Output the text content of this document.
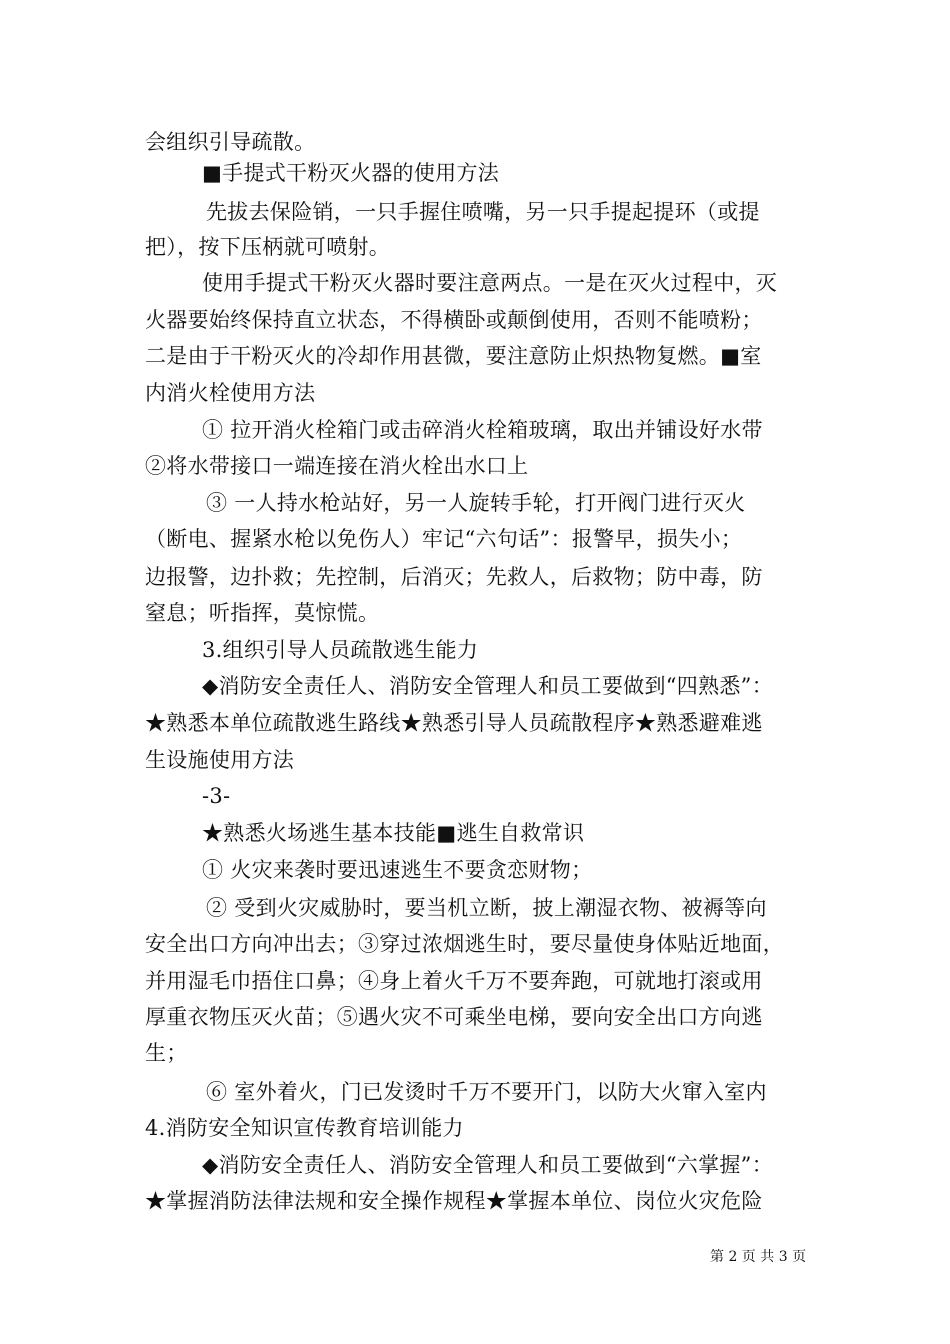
会组织引导疏散。
■手提式干粉灭火器的使用方法
先拔去保险销，一只手握住喷嘴，另一只手提起提环（或提
把），按下压柄就可喷射。
使用手提式干粉灭火器时要注意两点。一是在灭火过程中，灭
火器要始终保持直立状态，不得横卧或颠倒使用，否则不能喷粉；
二是由于干粉灭火的冷却作用甚微，要注意防止炽热物复燃。■室
内消火栓使用方法
① 拉开消火栓箱门或击碎消火栓箱玻璃，取出并铺设好水带
②将水带接口一端连接在消火栓出水口上
③ 一人持水枪站好，另一人旋转手轮，打开阀门进行灭火
（断电、握紧水枪以免伤人）牢记“六句话”：报警早，损失小；
边报警，边扑救；先控制，后消灭；先救人，后救物；防中毒，防
窒息；听指挥，莫惊慌。
3.组织引导人员疏散逃生能力
◆消防安全责任人、消防安全管理人和员工要做到“四熟悉”：
★熟悉本单位疏散逃生路线★熟悉引导人员疏散程序★熟悉避难逃
生设施使用方法
-3-
★熟悉火场逃生基本技能■逃生自救常识
① 火灾来袭时要迅速逃生不要贪恋财物；
② 受到火灾威胁时，要当机立断，披上潮湿衣物、被褥等向
安全出口方向冲出去；③穿过浓烟逃生时，要尽量使身体贴近地面，
并用湿毛巾捂住口鼻；④身上着火千万不要奔跑，可就地打滚或用
厚重衣物压灭火苗；⑤遇火灾不可乘坐电梯，要向安全出口方向逃
生；
⑥ 室外着火，门已发烫时千万不要开门，以防大火窜入室内
4.消防安全知识宣传教育培训能力
◆消防安全责任人、消防安全管理人和员工要做到“六掌握”：
★掌握消防法律法规和安全操作规程★掌握本单位、岗位火灾危险
第 2 页 共 3 页
